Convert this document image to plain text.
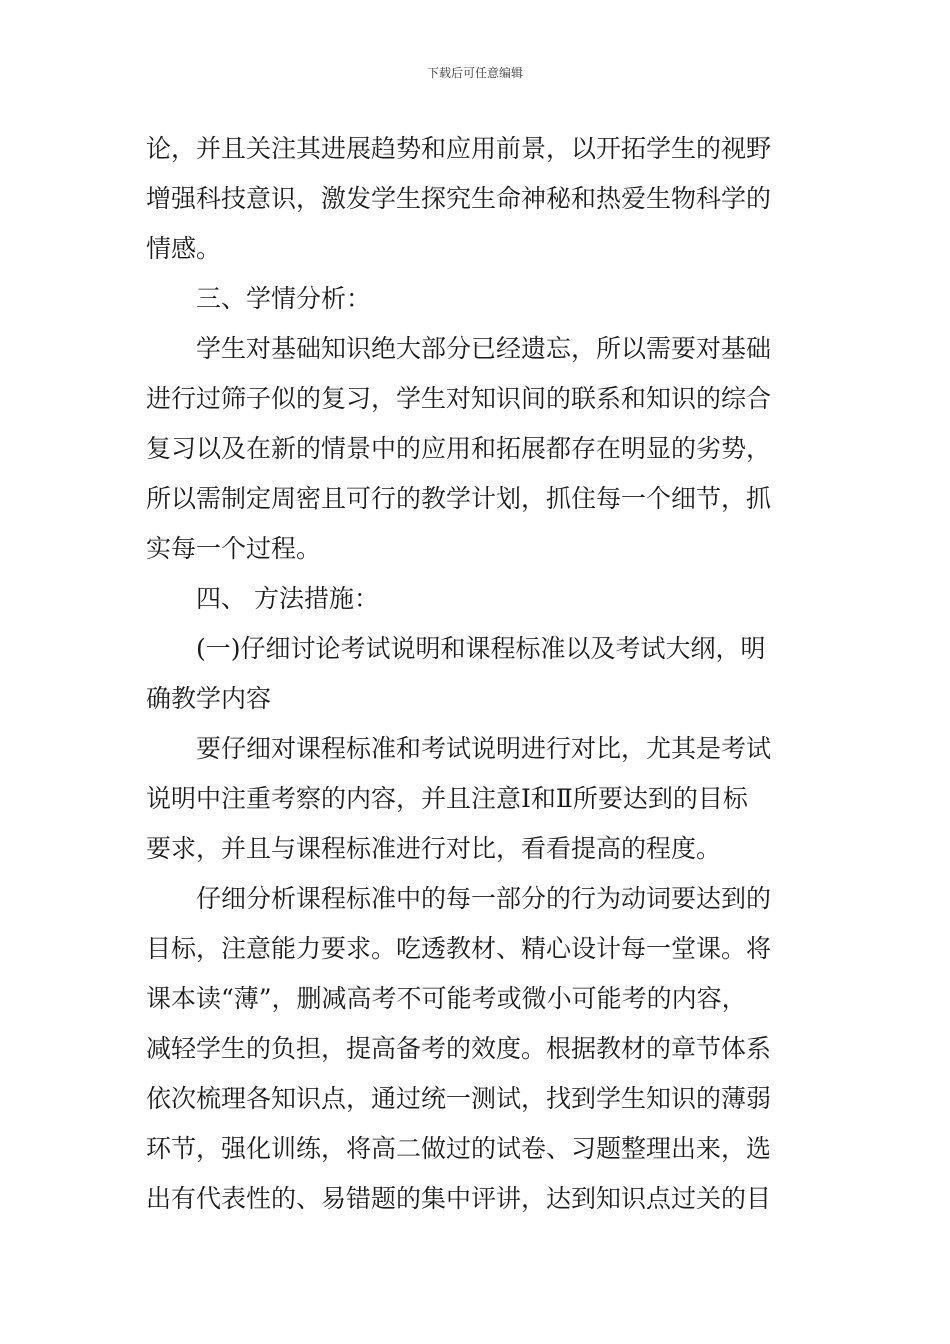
下载后可任意编辑
论，并且关注其进展趋势和应用前景，以开拓学生的视野
增强科技意识，激发学生探究生命神秘和热爱生物科学的
情感。
三、学情分析：
学生对基础知识绝大部分已经遗忘，所以需要对基础
进行过筛子似的复习，学生对知识间的联系和知识的综合
复习以及在新的情景中的应用和拓展都存在明显的劣势，
所以需制定周密且可行的教学计划，抓住每一个细节，抓
实每一个过程。
四、 方法措施：
(一)仔细讨论考试说明和课程标准以及考试大纲，明
确教学内容
要仔细对课程标准和考试说明进行对比，尤其是考试
说明中注重考察的内容，并且注意Ⅰ和Ⅱ所要达到的目标
要求，并且与课程标准进行对比，看看提高的程度。
仔细分析课程标准中的每一部分的行为动词要达到的
目标，注意能力要求。吃透教材、精心设计每一堂课。将
课本读“薄”，删减高考不可能考或微小可能考的内容，
减轻学生的负担，提高备考的效度。根据教材的章节体系
依次梳理各知识点，通过统一测试，找到学生知识的薄弱
环节，强化训练，将高二做过的试卷、习题整理出来，选
出有代表性的、易错题的集中评讲，达到知识点过关的目
